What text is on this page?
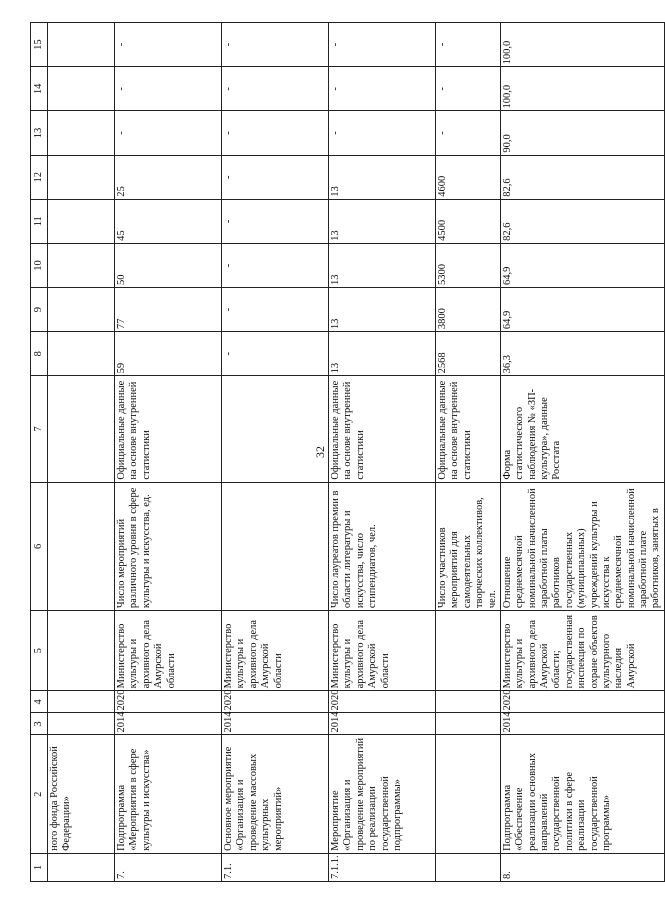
32
1	2	3	4	5	6	7	8	9	10	11	12	13	14	15
	ного фонда Российской Федерации»													
7.	Подпрограмма «Мероприятия в сфере культуры и искусства»	2014	2020	Министерство культуры и архивного дела Амурской области	Число мероприятий различного уровня в сфере культуры и искусства, ед.	Официальные данные на основе внутренней статистики	59	77	50	45	25	-	-	-
7.1.	Основное мероприятие «Организация и проведение массовых культурных мероприятий»	2014	2020	Министерство культуры и архивного дела Амурской области			-	-	-	-	-	-	-	-
7.1.1.	Мероприятие «Организация и проведение мероприятий по реализации государственной подпрограммы»	2014	2020	Министерство культуры и архивного дела Амурской области	Число лауреатов премии в области литературы и искусства, число стипендиатов, чел.	Официальные данные на основе внутренней статистики	13	13	13	13	13	-	-	-
					Число участников мероприятий для самодеятельных творческих коллективов, чел.	Официальные данные на основе внутренней статистики	2568	3800	5300	4500	4600	-	-	-
8.	Подпрограмма «Обеспечение реализации основных направлений государственной политики в сфере реализации государственной программы»	2014	2020	Министерство культуры и архивного дела Амурской области; государственная инспекция по охране объектов культурного наследия Амурской	Отношение среднемесячной номинальной начисленной заработной платы работников государственных (муниципальных) учреждений культуры и искусства к среднемесячной номинальной начисленной заработной плате работников, занятых в	Форма статистического наблюдения № «ЗП-культура», данные Росстата	36,3	64,9	64,9	82,6	82,6	90,0	100,0	100,0
